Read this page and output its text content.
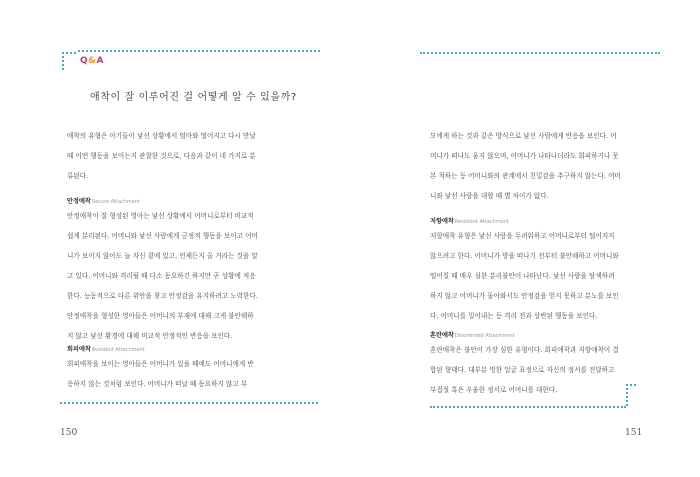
Q&A
애착이 잘 이루어진 걸 어떻게 알 수 있을까?

애착의 유형은 아기들이 낯선 상황에서 엄마와 떨어지고 다시 만날

때 어떤 행동을 보이는지 관찰한 것으로, 다음과 같이 네 가지로 분

류된다.

안정애착Secure Attachment

안정애착이 잘 형성된 영아는 낯선 상황에서 어머니로부터 비교적

쉽게 분리된다. 어머니와 낯선 사람에게 긍정적 행동을 보이고 어머

니가 보이지 않아도 늘 자신 곁에 있고, 언제든지 올 거라는 것을 알

고 있다. 어머니와 격리될 때 다소 동요하긴 하지만 곧 상황에 적응

한다. 능동적으로 다른 위안을 찾고 안정감을 유지하려고 노력한다.

안정애착을 형성한 영아들은 어머니의 부재에 대해 크게 불안해하

지 않고 낯선 환경에 대해 비교적 안정적인 반응을 보인다.

회피애착Avoidant Attachment

회피애착을 보이는 영아들은 어머니가 있을 때에도 어머니에게 반

응하지 않는 것처럼 보인다. 어머니가 떠날 때 동요하지 않고 부

150

모에게 하는 것과 같은 방식으로 낯선 사람에게 반응을 보인다. 어

머니가 떠나도 울지 않으며, 어머니가 나타나더라도 회피하거나 못

본 척하는 등 어머니와의 관계에서 친밀감을 추구하지 않는다. 어머

니와 낯선 사람을 대할 때 별 차이가 없다.

저항애착Resistant Attachment

저항애착 유형은 낯선 사람을 두려워하고 어머니로부터 떨어지지

않으려고 한다. 어머니가 방을 떠나기 전부터 불안해하고 어머니와

떨어질 때 매우 심한 분리불안이 나타난다. 낯선 사람을 탐색하려

하지 않고 어머니가 돌아와서도 안정감을 얻지 못하고 분노를 보인

다. 어머니를 밀어내는 등 격리 전과 상반된 행동을 보인다.

혼란애착Disoriented Attachment

혼란애착은 불안이 가장 심한 유형이다. 회피애착과 저항애착이 결

합된 형태다. 대부분 멍한 얼굴 표정으로 자신의 정서를 전달하고

부접절 혹은 우울한 정서로 어머니를 대한다.

151
